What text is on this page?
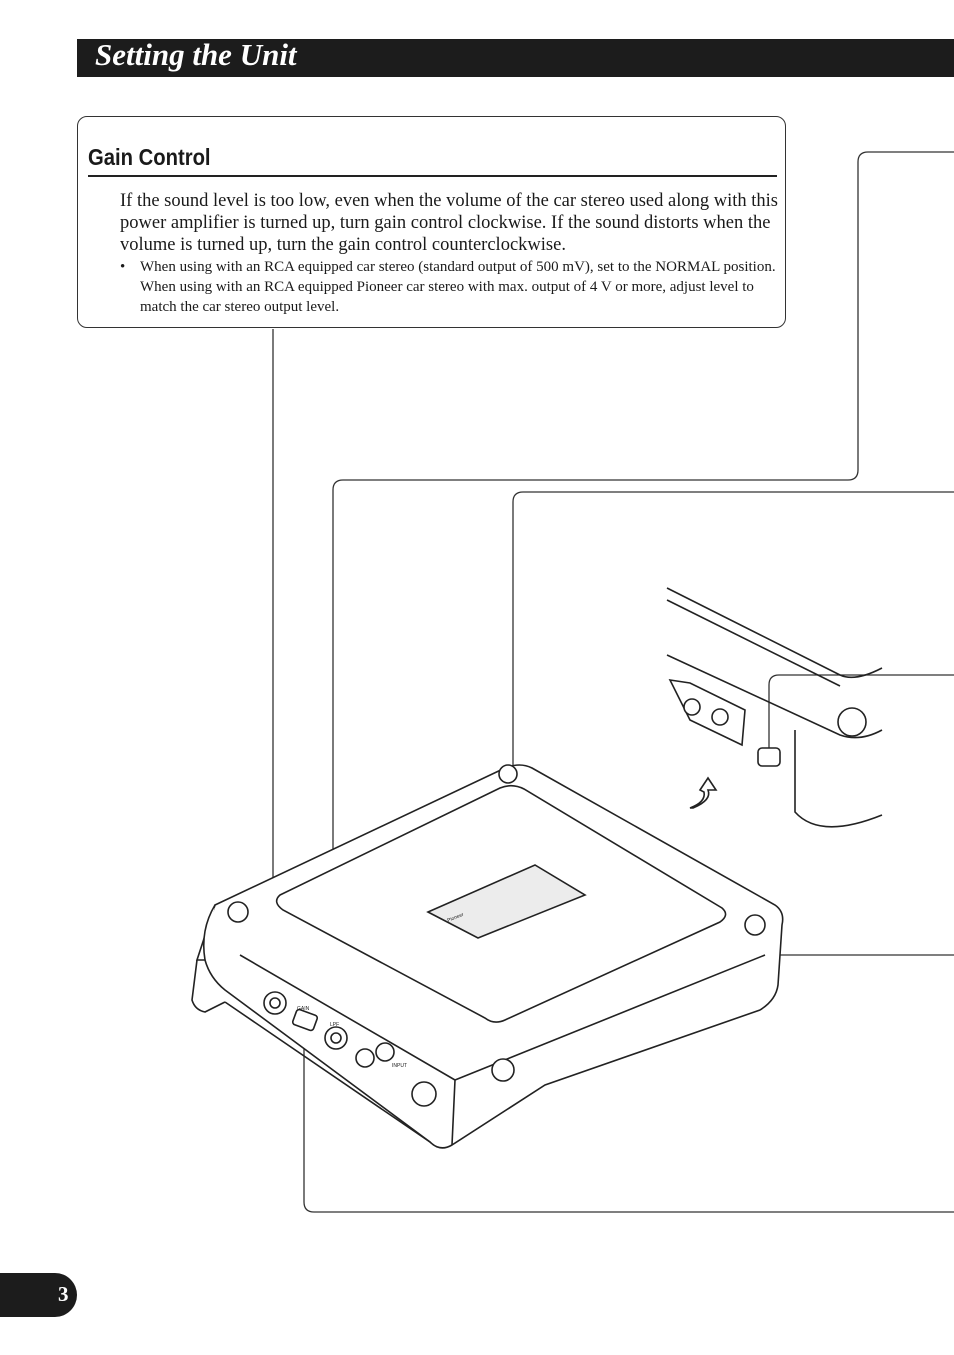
Setting the Unit
Gain Control
If the sound level is too low, even when the volume of the car stereo used along with this power amplifier is turned up, turn gain control clockwise. If the sound distorts when the volume is turned up, turn the gain control counterclockwise.
• When using with an RCA equipped car stereo (standard output of 500 mV), set to the NORMAL position. When using with an RCA equipped Pioneer car stereo with max. output of 4 V or more, adjust level to match the car stereo output level.
Pioneer
GAIN
INPUT
LPF
3
